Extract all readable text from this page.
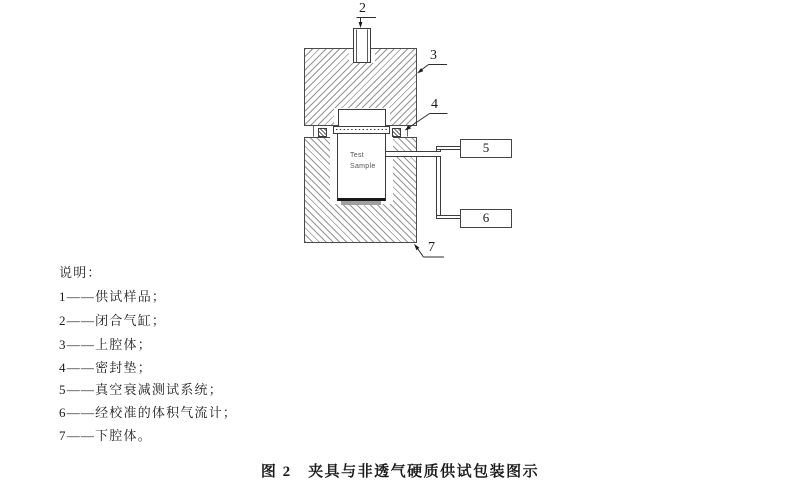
Test
Sample
5
6
2
3
4
7
说明：
1——供试样品；
2——闭合气缸；
3——上腔体；
4——密封垫；
5——真空衰减测试系统；
6——经校准的体积气流计；
7——下腔体。
图 2　夹具与非透气硬质供试包装图示
